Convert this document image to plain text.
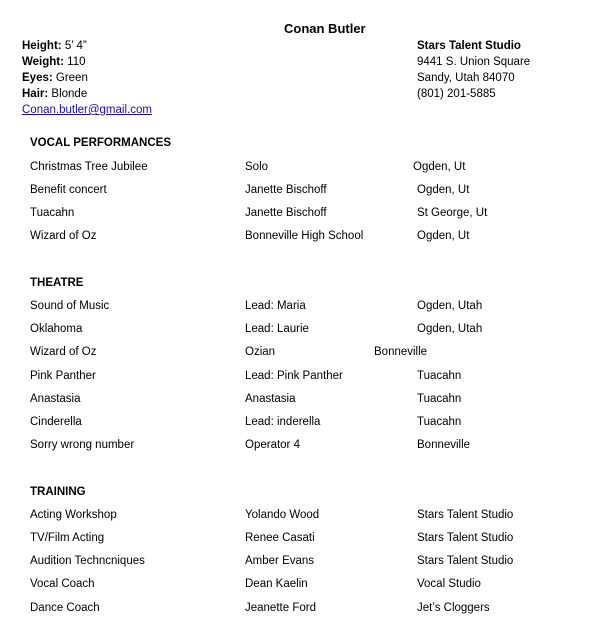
Conan Butler
Height: 5’ 4”
Weight: 110
Eyes: Green
Hair: Blonde
Conan.butler@gmail.com
Stars Talent Studio
9441 S. Union Square
Sandy, Utah 84070
(801) 201-5885
VOCAL PERFORMANCES
Christmas Tree Jubilee	Solo	Ogden, Ut
Benefit concert	Janette Bischoff	Ogden, Ut
Tuacahn	Janette Bischoff	St George, Ut
Wizard of Oz	Bonneville High School	Ogden, Ut
THEATRE
Sound of Music	Lead: Maria	Ogden, Utah
Oklahoma	Lead: Laurie	Ogden, Utah
Wizard of Oz	Ozian	Bonneville
Pink Panther	Lead: Pink Panther	Tuacahn
Anastasia	Anastasia	Tuacahn
Cinderella	Lead: inderella	Tuacahn
Sorry wrong number	Operator 4	Bonneville
TRAINING
Acting Workshop	Yolando Wood	Stars Talent Studio
TV/Film Acting	Renee Casati	Stars Talent Studio
Audition Techncniques	Amber Evans	Stars Talent Studio
Vocal Coach	Dean Kaelin	Vocal Studio
Dance Coach	Jeanette Ford	Jet’s Cloggers
